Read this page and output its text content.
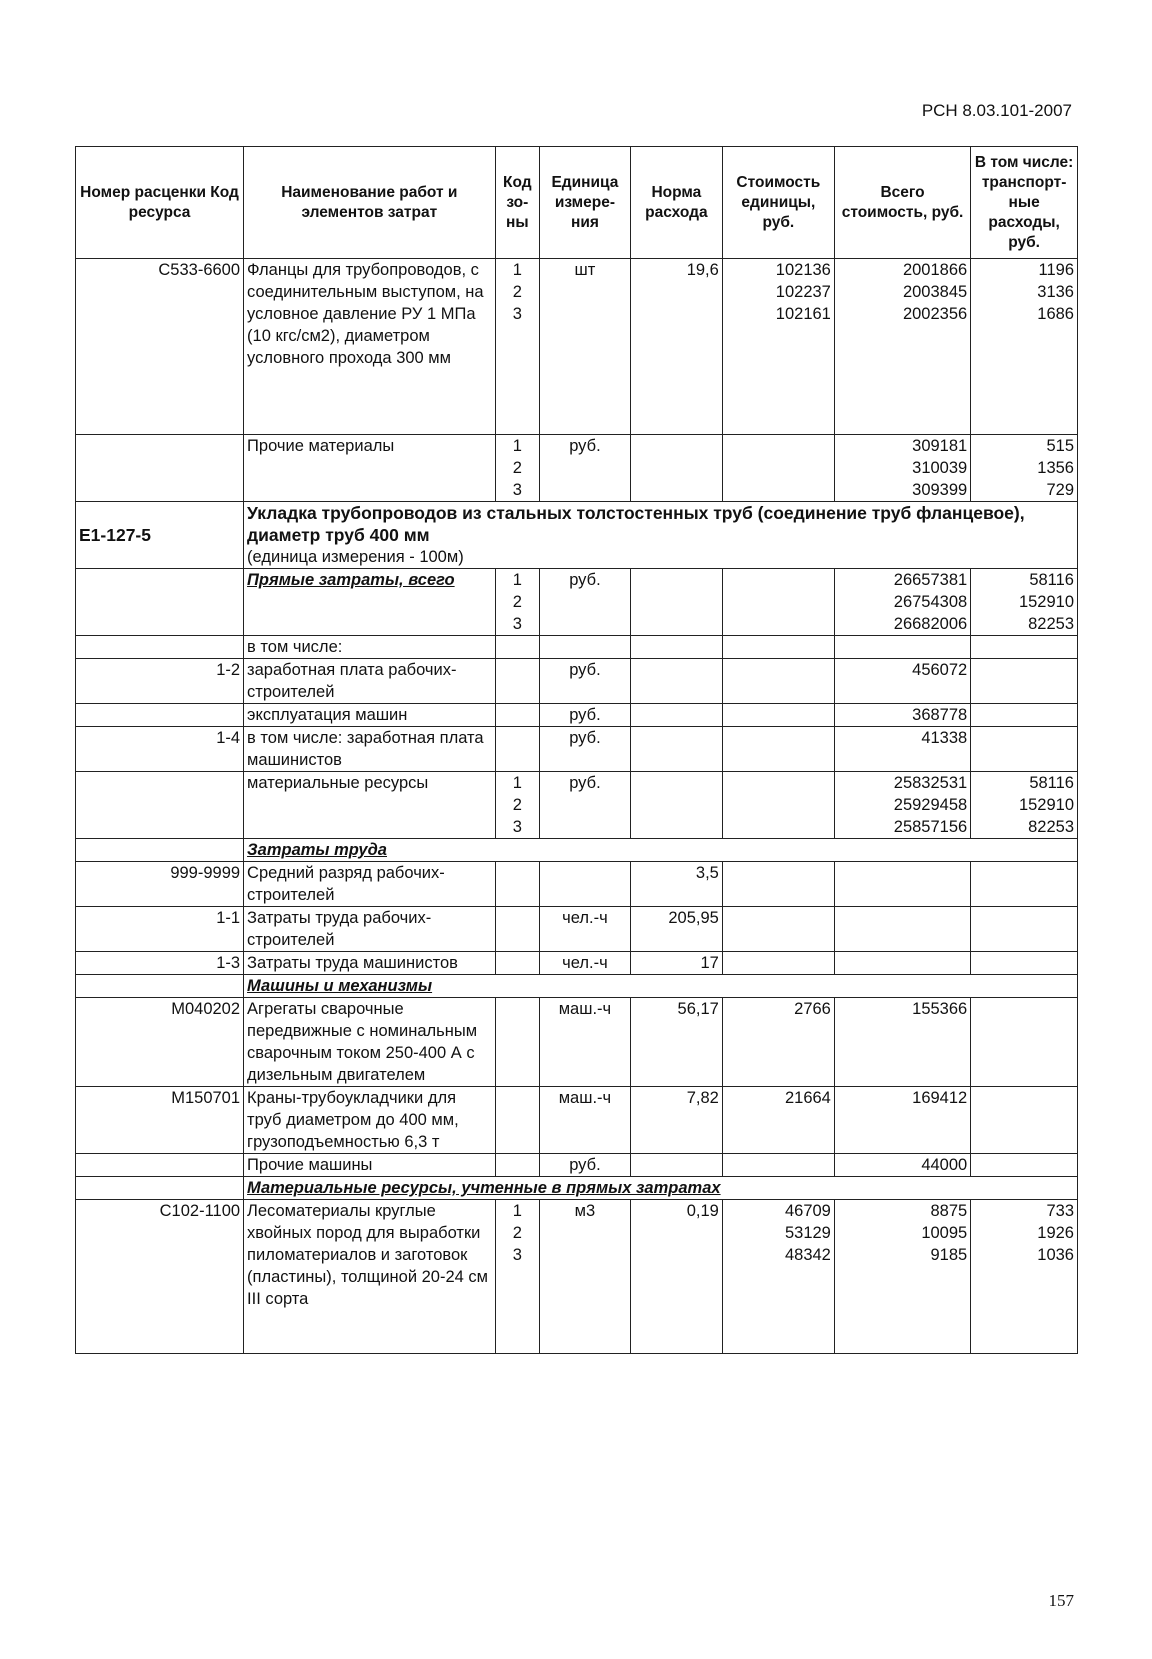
РСН 8.03.101-2007
Номер расценки Код ресурса	Наименование работ и элементов затрат	Код зо-ны	Единица измере-ния	Норма расхода	Стоимость единицы, руб.	Всего стоимость, руб.	В том числе: транспорт-ные расходы, руб.
С533-6600	Фланцы для трубопроводов, с соединительным выступом, на условное давление РУ 1 МПа (10 кгс/см2), диаметром условного прохода 300 мм	1
2
3	шт	19,6	102136
102237
102161	2001866
2003845
2002356	1196
3136
1686

	Прочие материалы	1
2
3	руб.			309181
310039
309399	515
1356
729

Е1-127-5	Укладка трубопроводов из стальных толстостенных труб (соединение труб фланцевое), диаметр труб 400 мм
(единица измерения - 100м)						

	Прямые затраты, всего	1
2
3	руб.			26657381
26754308
26682006	58116
152910
82253

	в том числе:						
1-2	заработная плата рабочих-строителей		руб.			456072	
	эксплуатация машин		руб.			368778	
1-4	в том числе: заработная плата машинистов		руб.			41338	
	материальные ресурсы	1
2
3	руб.			25832531
25929458
25857156	58116
152910
82253

	Затраты труда						
999-9999	Средний разряд рабочих-строителей			3,5			
1-1	Затраты труда рабочих-строителей		чел.-ч	205,95			
1-3	Затраты труда машинистов		чел.-ч	17			
	Машины и механизмы						
М040202	Агрегаты сварочные передвижные с номинальным сварочным током 250-400 А с дизельным двигателем		маш.-ч	56,17	2766	155366	
М150701	Краны-трубоукладчики для труб диаметром до 400 мм, грузоподъемностью 6,3 т		маш.-ч	7,82	21664	169412	
	Прочие машины		руб.			44000	
	Материальные ресурсы, учтенные в прямых затратах						
С102-1100	Лесоматериалы круглые хвойных пород для выработки пиломатериалов и заготовок (пластины), толщиной 20-24 см III сорта	1
2
3	м3	0,19	46709
53129
48342	8875
10095
9185	733
1926
1036
157
